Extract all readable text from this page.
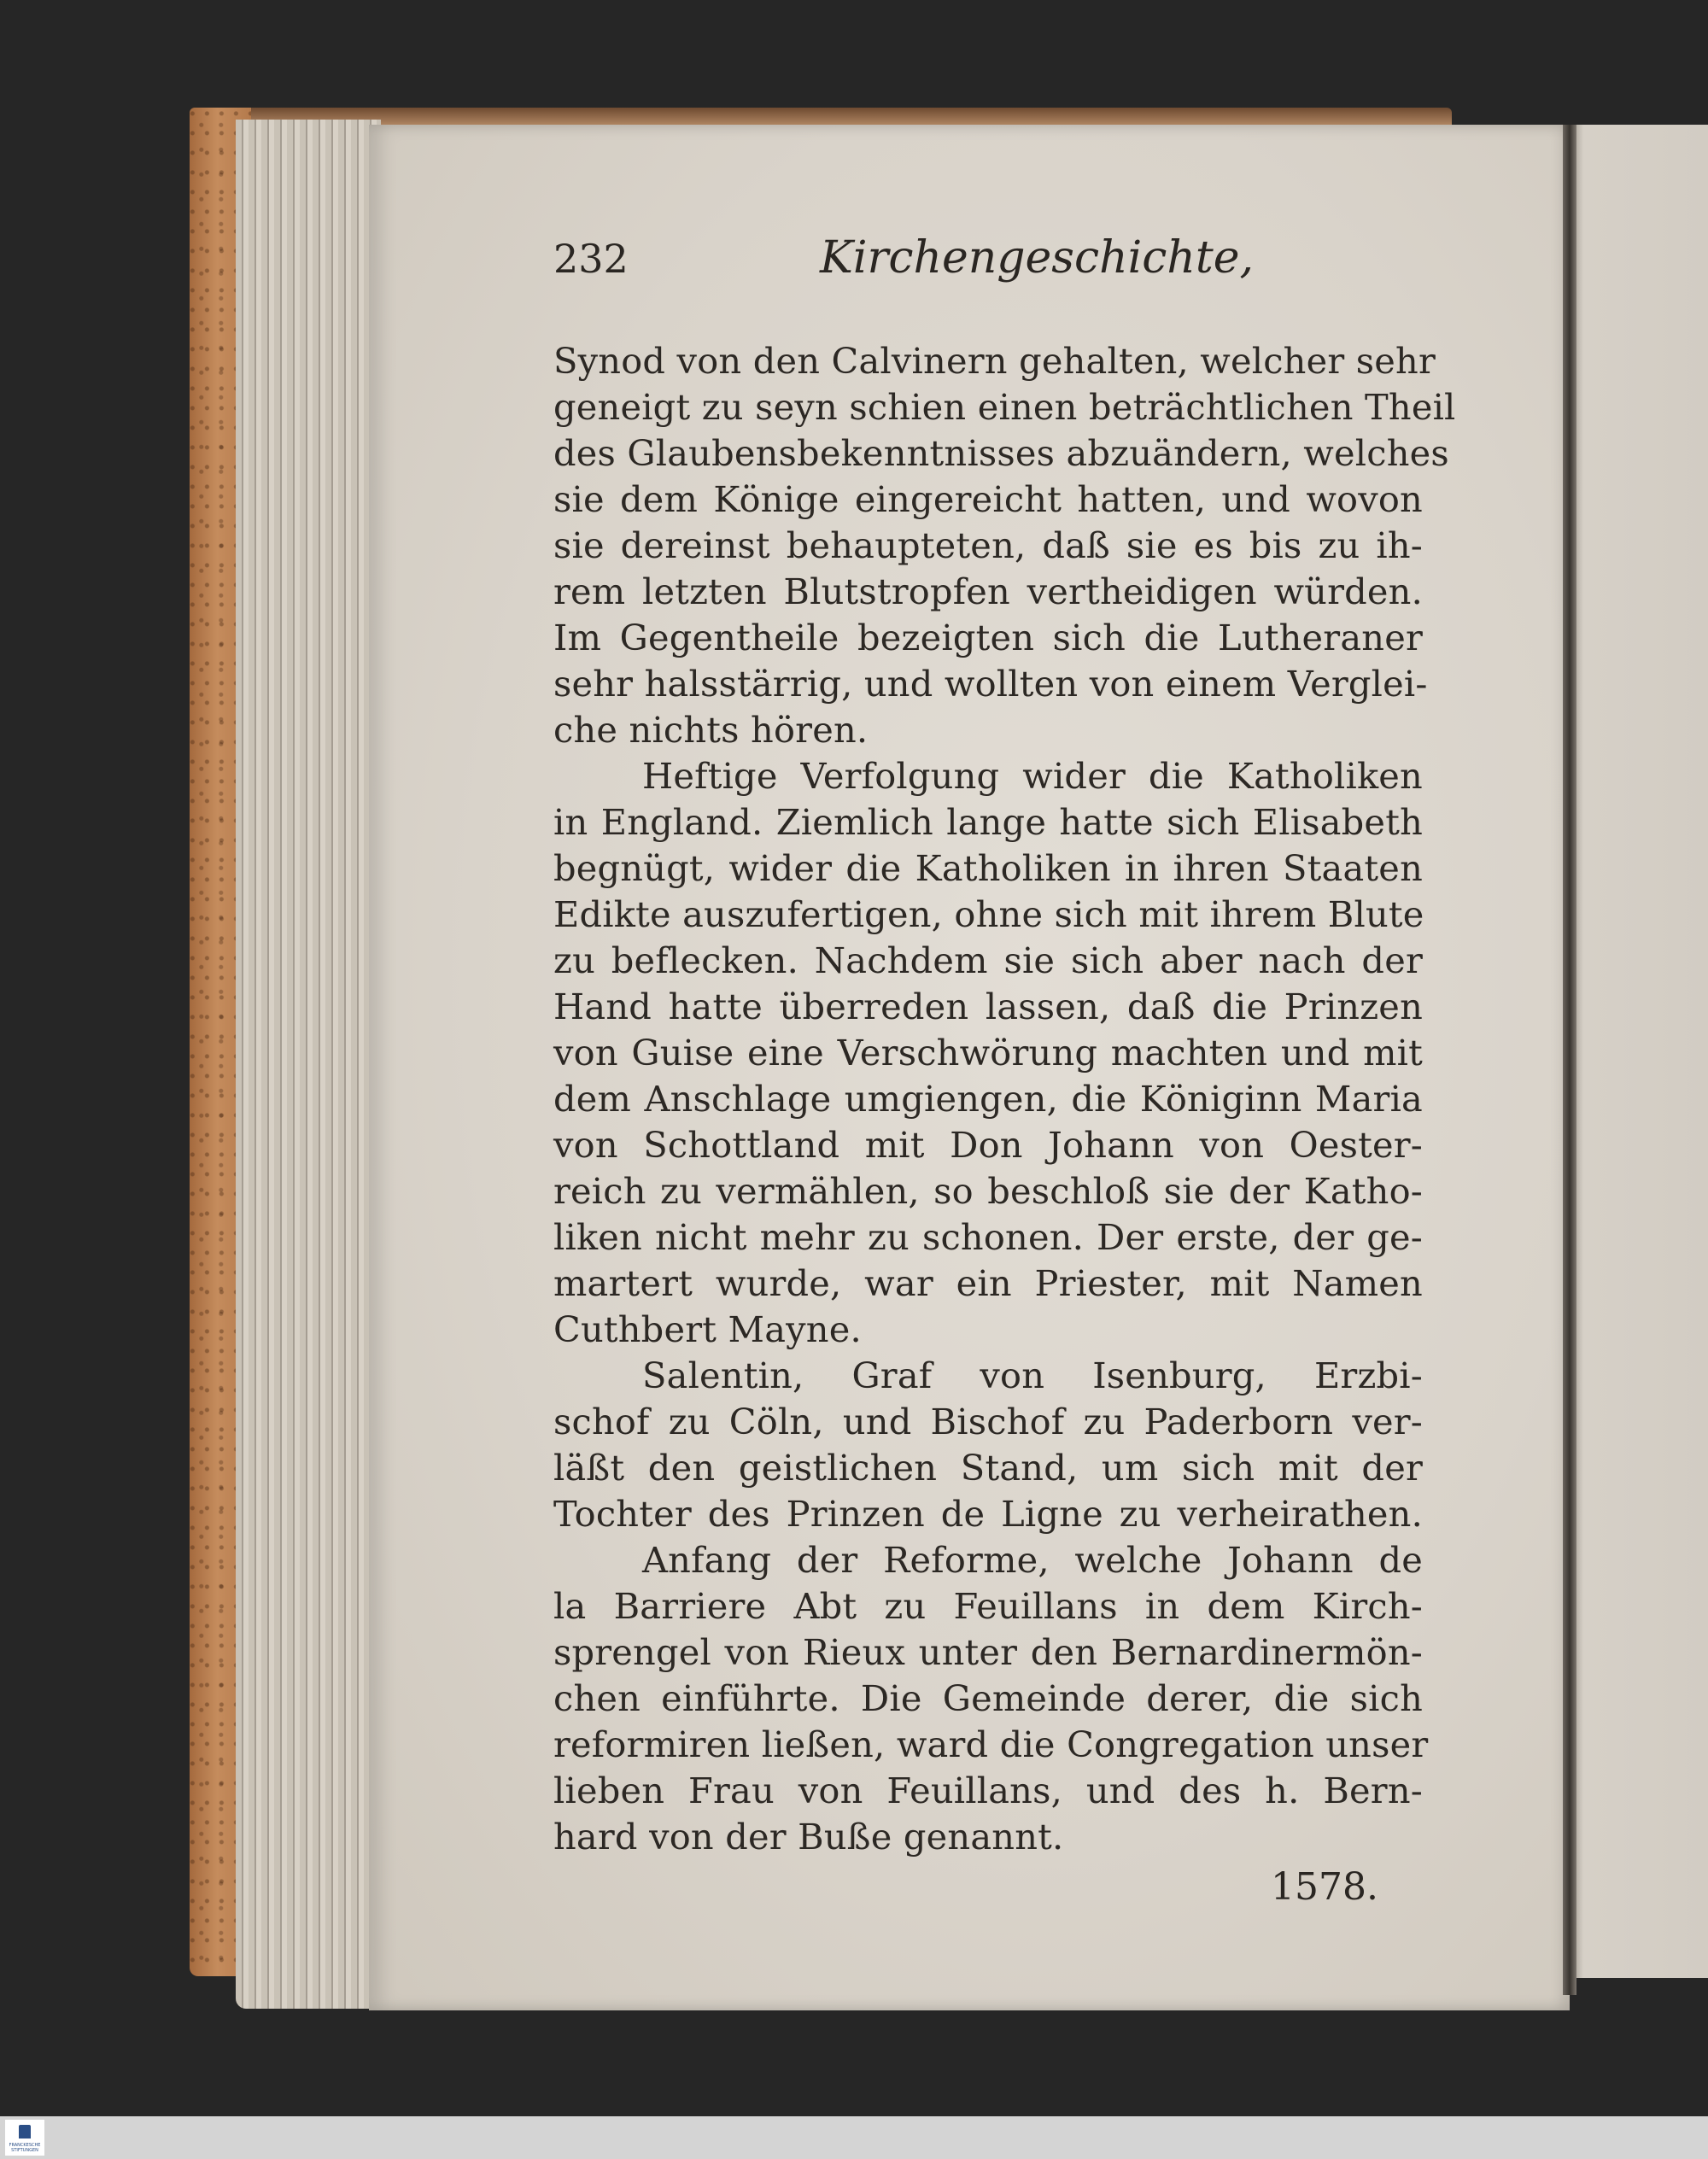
232	Kirchengeschichte,
Synod von den Calvinern gehalten, welcher sehr
geneigt zu seyn schien einen beträchtlichen Theil
des Glaubensbekenntnisses abzuändern, welches
sie dem Könige eingereicht hatten, und wovon
sie dereinst behaupteten, daß sie es bis zu ih-
rem letzten Blutstropfen vertheidigen würden.
Im Gegentheile bezeigten sich die Lutheraner
sehr halsstärrig, und wollten von einem Verglei-
che nichts hören.
Heftige Verfolgung wider die Katholiken
in England. Ziemlich lange hatte sich Elisabeth
begnügt, wider die Katholiken in ihren Staaten
Edikte auszufertigen, ohne sich mit ihrem Blute
zu beflecken. Nachdem sie sich aber nach der
Hand hatte überreden lassen, daß die Prinzen
von Guise eine Verschwörung machten und mit
dem Anschlage umgiengen, die Königinn Maria
von Schottland mit Don Johann von Oester-
reich zu vermählen, so beschloß sie der Katho-
liken nicht mehr zu schonen. Der erste, der ge-
martert wurde, war ein Priester, mit Namen
Cuthbert Mayne.
Salentin, Graf von Isenburg, Erzbi-
schof zu Cöln, und Bischof zu Paderborn ver-
läßt den geistlichen Stand, um sich mit der
Tochter des Prinzen de Ligne zu verheirathen.
Anfang der Reforme, welche Johann de
la Barriere Abt zu Feuillans in dem Kirch-
sprengel von Rieux unter den Bernardinermön-
chen einführte. Die Gemeinde derer, die sich
reformiren ließen, ward die Congregation unser
lieben Frau von Feuillans, und des h. Bern-
hard von der Buße genannt.
1578.
FRANCKESCHE STIFTUNGEN
